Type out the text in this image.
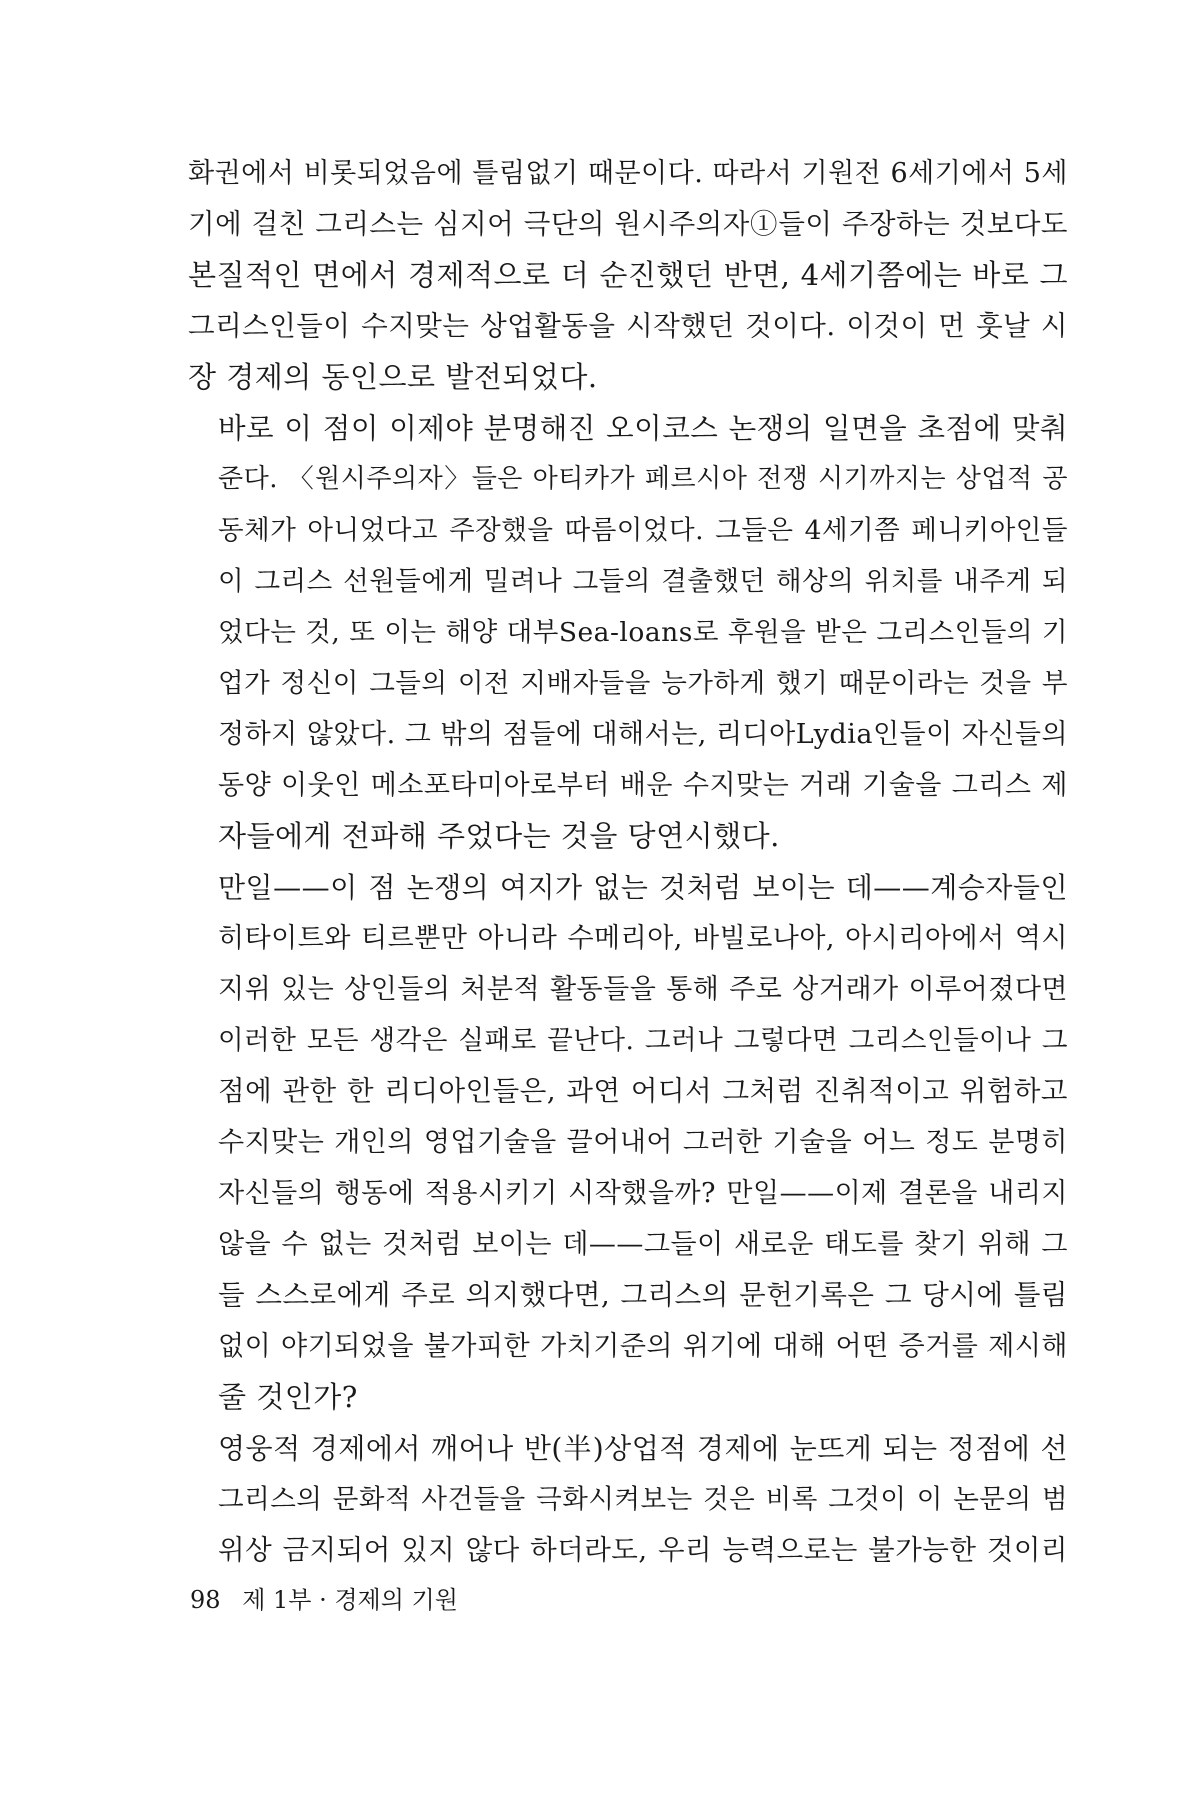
화권에서 비롯되었음에 틀림없기 때문이다. 따라서 기원전 6세기에서 5세
기에 걸친 그리스는 심지어 극단의 원시주의자①들이 주장하는 것보다도
본질적인 면에서 경제적으로 더 순진했던 반면, 4세기쯤에는 바로 그
그리스인들이 수지맞는 상업활동을 시작했던 것이다. 이것이 먼 훗날 시
장 경제의 동인으로 발전되었다.
바로 이 점이 이제야 분명해진 오이코스 논쟁의 일면을 초점에 맞춰
준다. 〈원시주의자〉들은 아티카가 페르시아 전쟁 시기까지는 상업적 공
동체가 아니었다고 주장했을 따름이었다. 그들은 4세기쯤 페니키아인들
이 그리스 선원들에게 밀려나 그들의 결출했던 해상의 위치를 내주게 되
었다는 것, 또 이는 해양 대부Sea-loans로 후원을 받은 그리스인들의 기
업가 정신이 그들의 이전 지배자들을 능가하게 했기 때문이라는 것을 부
정하지 않았다. 그 밖의 점들에 대해서는, 리디아Lydia인들이 자신들의
동양 이웃인 메소포타미아로부터 배운 수지맞는 거래 기술을 그리스 제
자들에게 전파해 주었다는 것을 당연시했다.
만일——이 점 논쟁의 여지가 없는 것처럼 보이는 데——계승자들인
히타이트와 티르뿐만 아니라 수메리아, 바빌로나아, 아시리아에서 역시
지위 있는 상인들의 처분적 활동들을 통해 주로 상거래가 이루어졌다면
이러한 모든 생각은 실패로 끝난다. 그러나 그렇다면 그리스인들이나 그
점에 관한 한 리디아인들은, 과연 어디서 그처럼 진취적이고 위험하고
수지맞는 개인의 영업기술을 끌어내어 그러한 기술을 어느 정도 분명히
자신들의 행동에 적용시키기 시작했을까? 만일——이제 결론을 내리지
않을 수 없는 것처럼 보이는 데——그들이 새로운 태도를 찾기 위해 그
들 스스로에게 주로 의지했다면, 그리스의 문헌기록은 그 당시에 틀림
없이 야기되었을 불가피한 가치기준의 위기에 대해 어떤 증거를 제시해
줄 것인가?
영웅적 경제에서 깨어나 반(半)상업적 경제에 눈뜨게 되는 정점에 선
그리스의 문화적 사건들을 극화시켜보는 것은 비록 그것이 이 논문의 범
위상 금지되어 있지 않다 하더라도, 우리 능력으로는 불가능한 것이리
98 제 1부 · 경제의 기원
